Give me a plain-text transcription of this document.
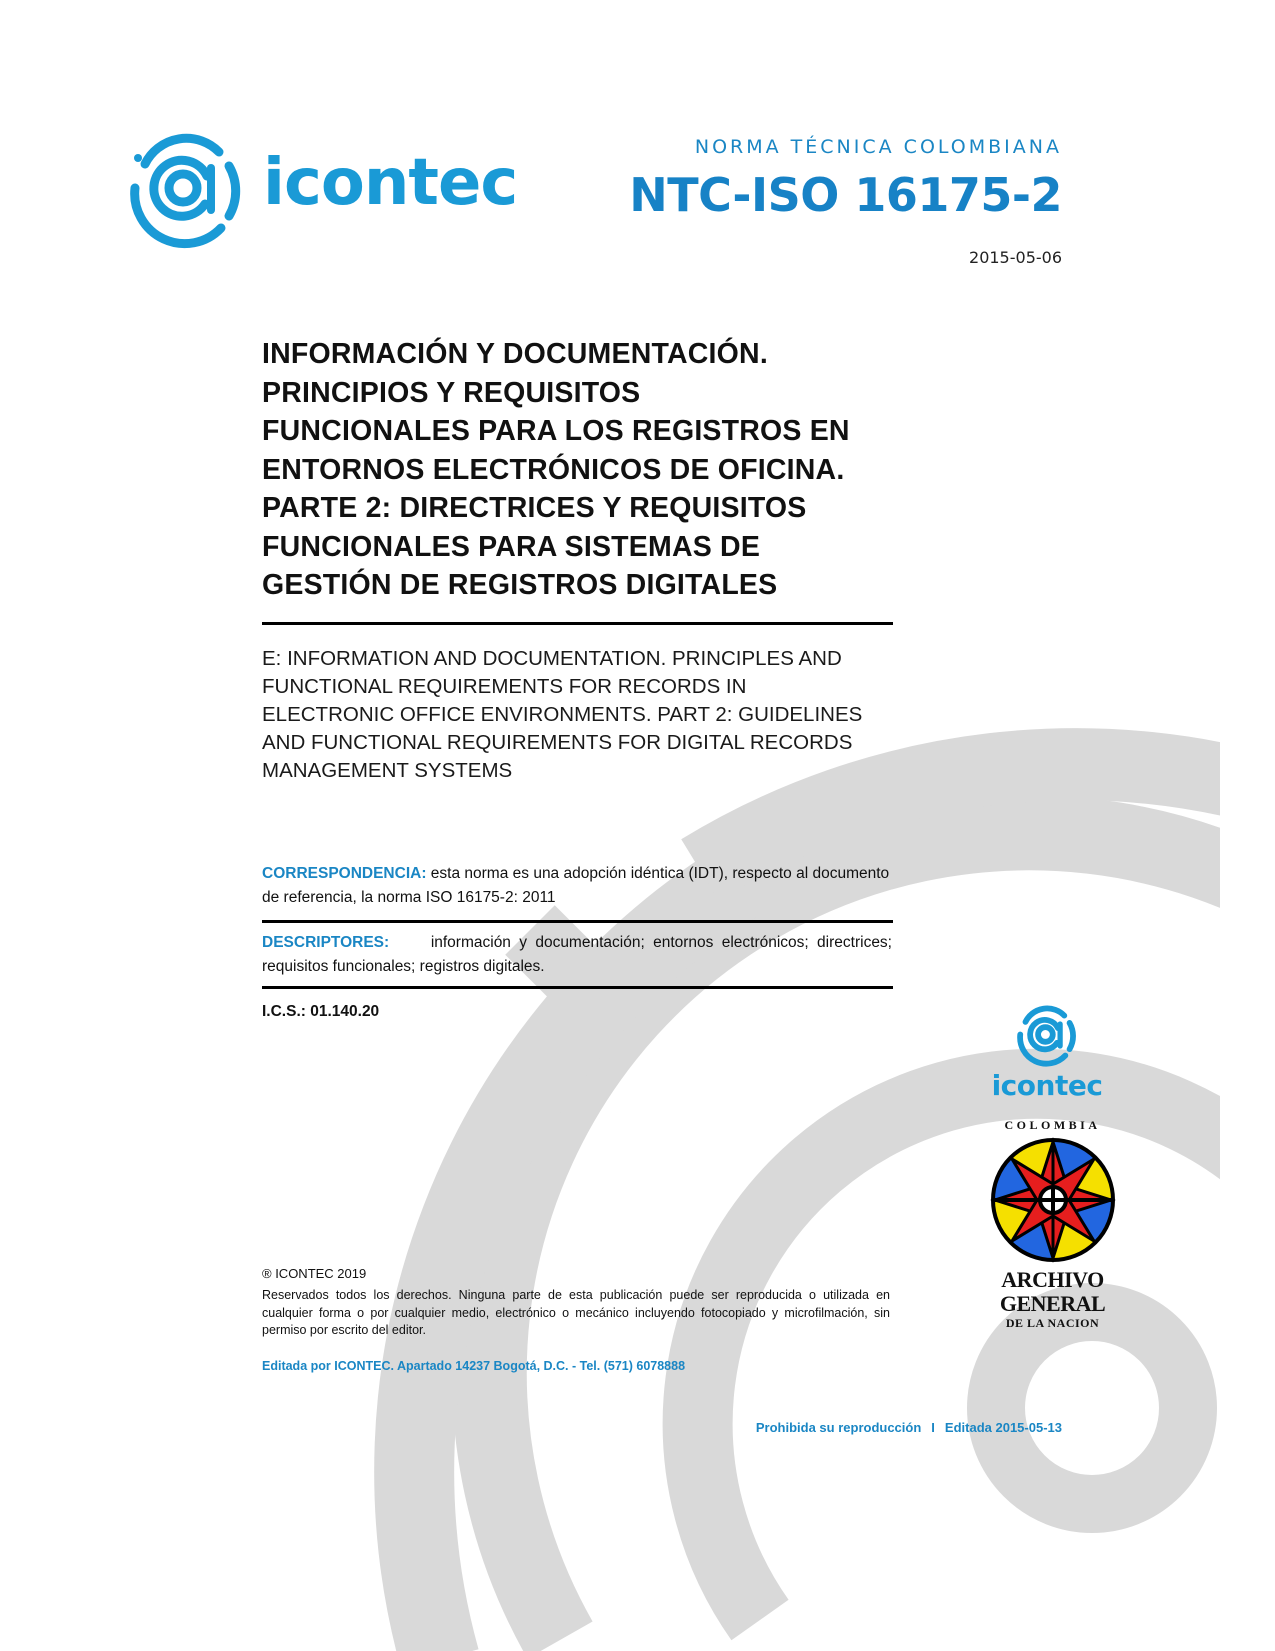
icontec	NORMA TÉCNICA COLOMBIANA
NTC-ISO 16175-2
2015-05-06
INFORMACIÓN Y DOCUMENTACIÓN.
PRINCIPIOS Y REQUISITOS
FUNCIONALES PARA LOS REGISTROS EN
ENTORNOS ELECTRÓNICOS DE OFICINA.
PARTE 2: DIRECTRICES Y REQUISITOS
FUNCIONALES PARA SISTEMAS DE
GESTIÓN DE REGISTROS DIGITALES
E: INFORMATION AND DOCUMENTATION. PRINCIPLES AND
FUNCTIONAL REQUIREMENTS FOR RECORDS IN
ELECTRONIC OFFICE ENVIRONMENTS. PART 2: GUIDELINES
AND FUNCTIONAL REQUIREMENTS FOR DIGITAL RECORDS
MANAGEMENT SYSTEMS
CORRESPONDENCIA: esta norma es una adopción idéntica (IDT), respecto al documento de referencia, la norma ISO 16175-2: 2011
DESCRIPTORES:	información y documentación; entornos electrónicos; directrices; requisitos funcionales; registros digitales.
I.C.S.: 01.140.20
® ICONTEC 2019
Reservados todos los derechos. Ninguna parte de esta publicación puede ser reproducida o utilizada en cualquier forma o por cualquier medio, electrónico o mecánico incluyendo fotocopiado y microfilmación, sin permiso por escrito del editor.
Editada por ICONTEC. Apartado 14237 Bogotá, D.C. - Tel. (571) 6078888
Prohibida su reproducción I Editada 2015-05-13
icontec
COLOMBIA
ARCHIVO
GENERAL
DE LA NACION
